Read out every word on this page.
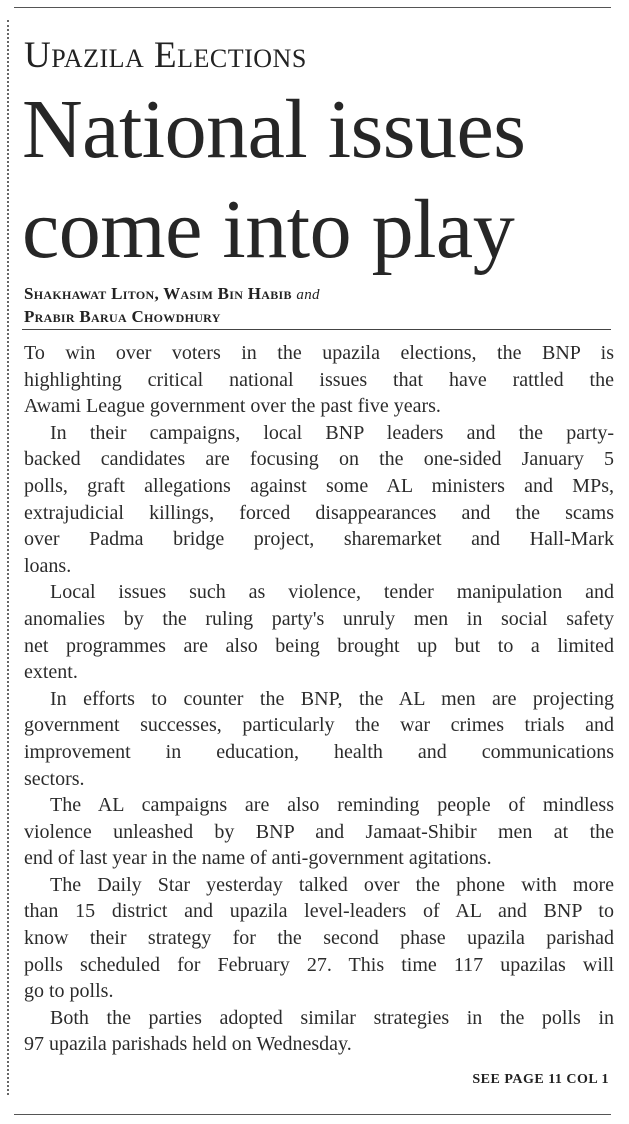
Upazila Elections
National issues
come into play
Shakhawat Liton, Wasim Bin Habib and
Prabir Barua Chowdhury
To win over voters in the upazila elections, the BNP is
highlighting critical national issues that have rattled the
Awami League government over the past five years.
In their campaigns, local BNP leaders and the party-
backed candidates are focusing on the one-sided January 5
polls, graft allegations against some AL ministers and MPs,
extrajudicial killings, forced disappearances and the scams
over Padma bridge project, sharemarket and Hall-Mark
loans.
Local issues such as violence, tender manipulation and
anomalies by the ruling party's unruly men in social safety
net programmes are also being brought up but to a limited
extent.
In efforts to counter the BNP, the AL men are projecting
government successes, particularly the war crimes trials and
improvement in education, health and communications
sectors.
The AL campaigns are also reminding people of mindless
violence unleashed by BNP and Jamaat-Shibir men at the
end of last year in the name of anti-government agitations.
The Daily Star yesterday talked over the phone with more
than 15 district and upazila level-leaders of AL and BNP to
know their strategy for the second phase upazila parishad
polls scheduled for February 27. This time 117 upazilas will
go to polls.
Both the parties adopted similar strategies in the polls in
97 upazila parishads held on Wednesday.
SEE PAGE 11 COL 1
